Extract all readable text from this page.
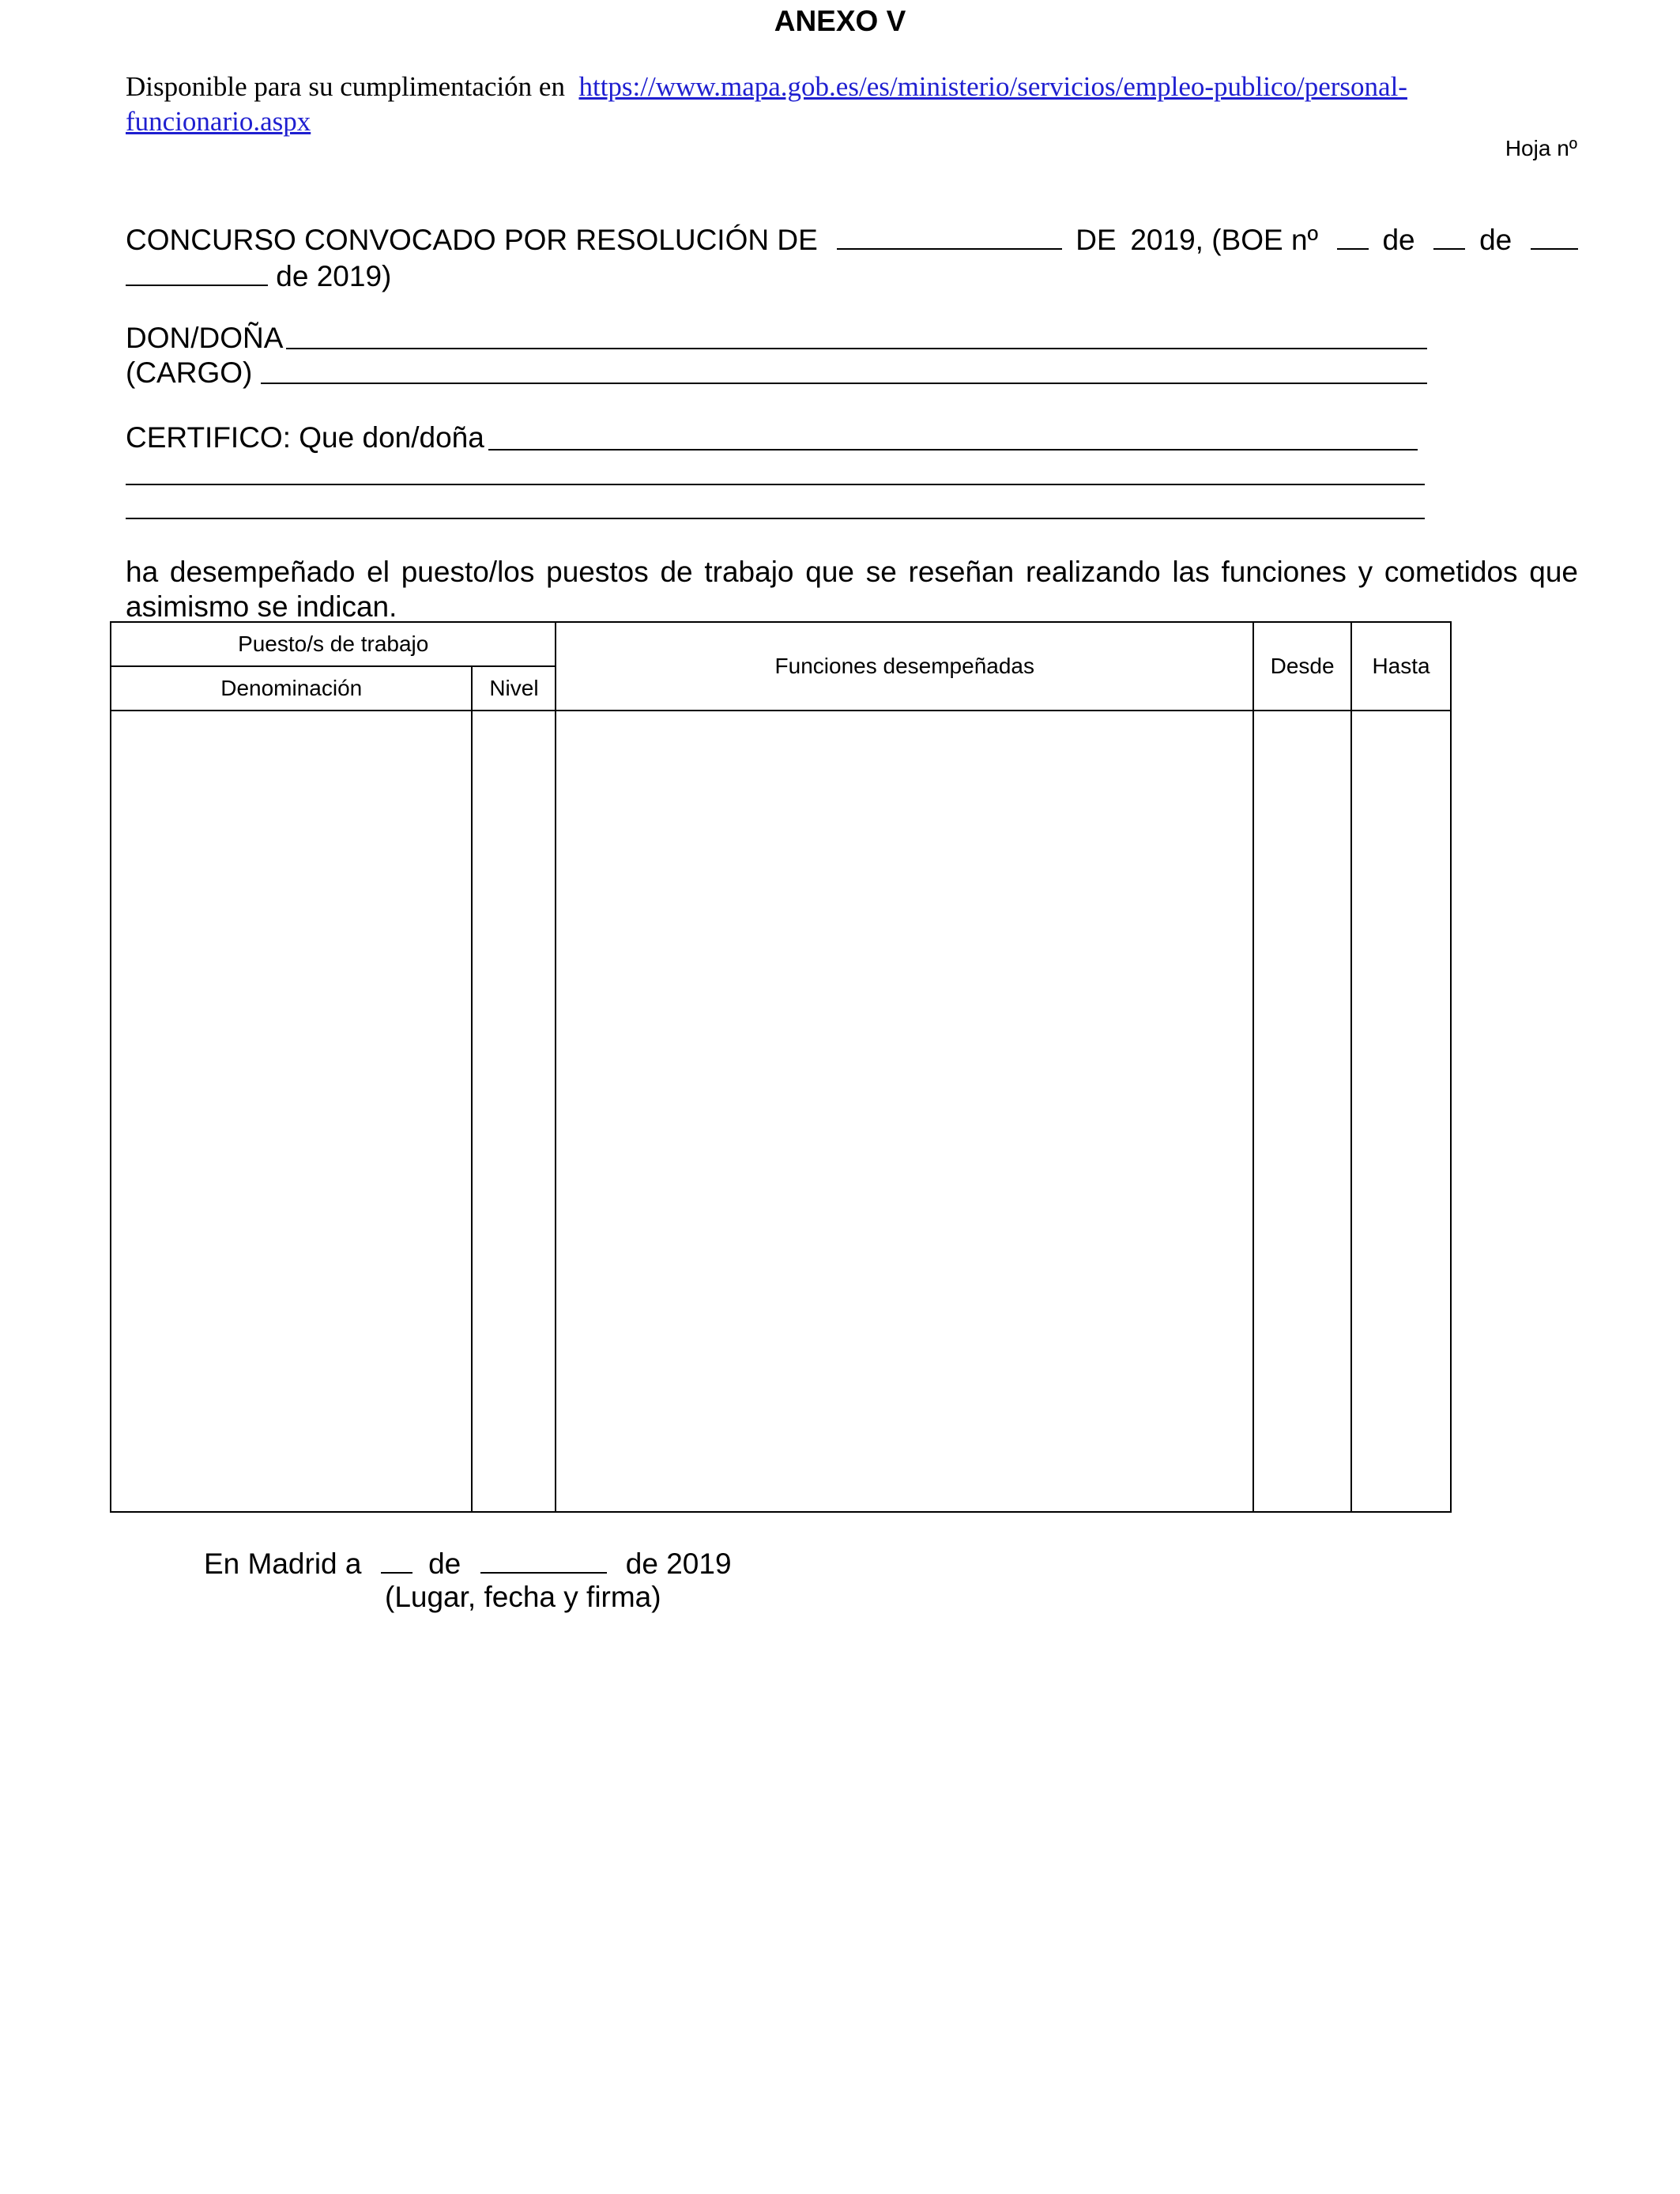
ANEXO V
Disponible para su cumplimentación en https://www.mapa.gob.es/es/ministerio/servicios/empleo-publico/personal-
funcionario.aspx
Hoja nº
CONCURSO CONVOCADO POR RESOLUCIÓN DE	DE 2019, (BOE nº de de
de 2019)
DON/DOÑA
(CARGO)
CERTIFICO: Que don/doña
ha desempeñado el puesto/los puestos de trabajo que se reseñan realizando las funciones y cometidos que asimismo se indican.
Puesto/s de trabajo		Funciones desempeñadas	Desde	Hasta
Denominación	Nivel			

En Madrid a de	de 2019
(Lugar, fecha y firma)
